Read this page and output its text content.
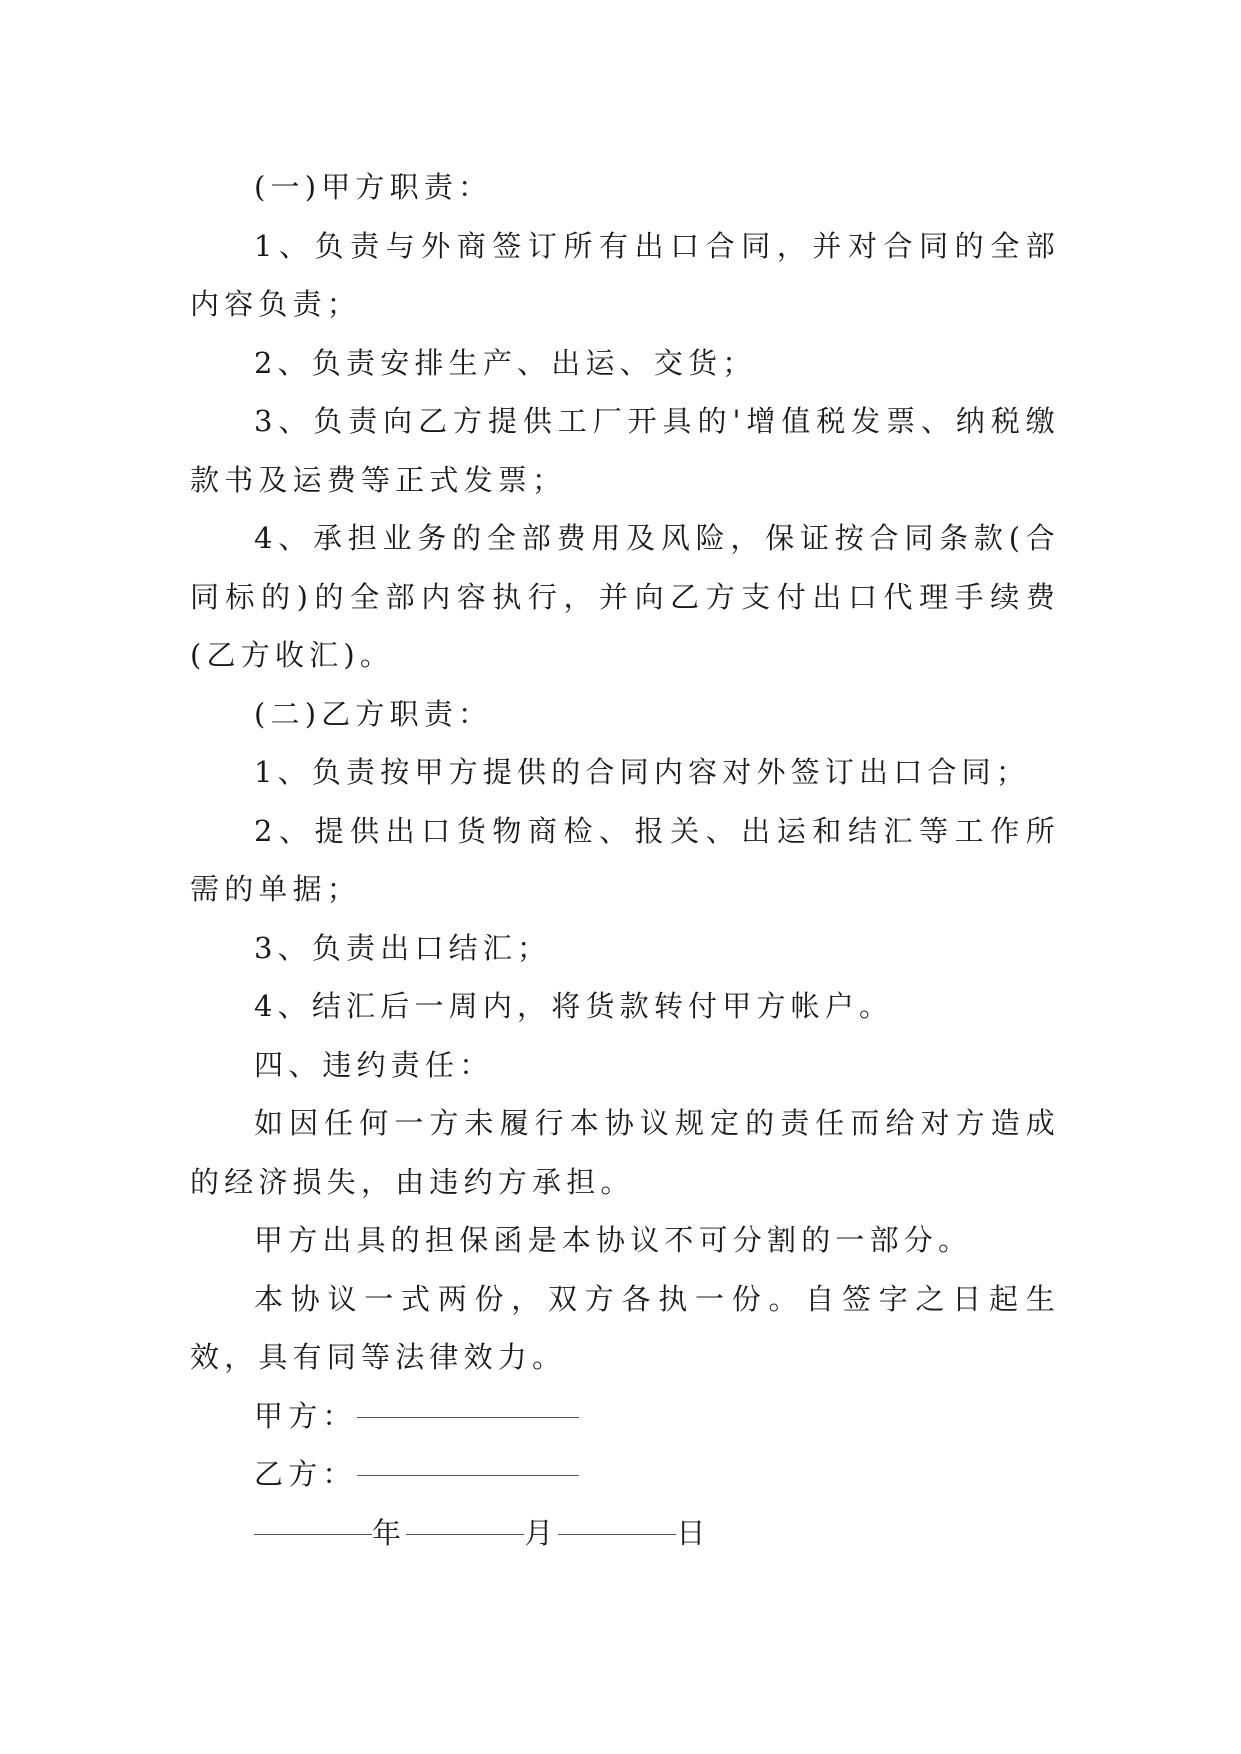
(一)甲方职责：

1、负责与外商签订所有出口合同，并对合同的全部内容负责；

2、负责安排生产、出运、交货；

3、负责向乙方提供工厂开具的'增值税发票、纳税缴款书及运费等正式发票；

4、承担业务的全部费用及风险，保证按合同条款(合同标的)的全部内容执行，并向乙方支付出口代理手续费(乙方收汇)。

(二)乙方职责：

1、负责按甲方提供的合同内容对外签订出口合同；

2、提供出口货物商检、报关、出运和结汇等工作所需的单据；

3、负责出口结汇；

4、结汇后一周内，将货款转付甲方帐户。

四、违约责任：

如因任何一方未履行本协议规定的责任而给对方造成的经济损失，由违约方承担。

甲方出具的担保函是本协议不可分割的一部分。

本协议一式两份，双方各执一份。自签字之日起生效，具有同等法律效力。

甲方：

乙方：

年	月	日
